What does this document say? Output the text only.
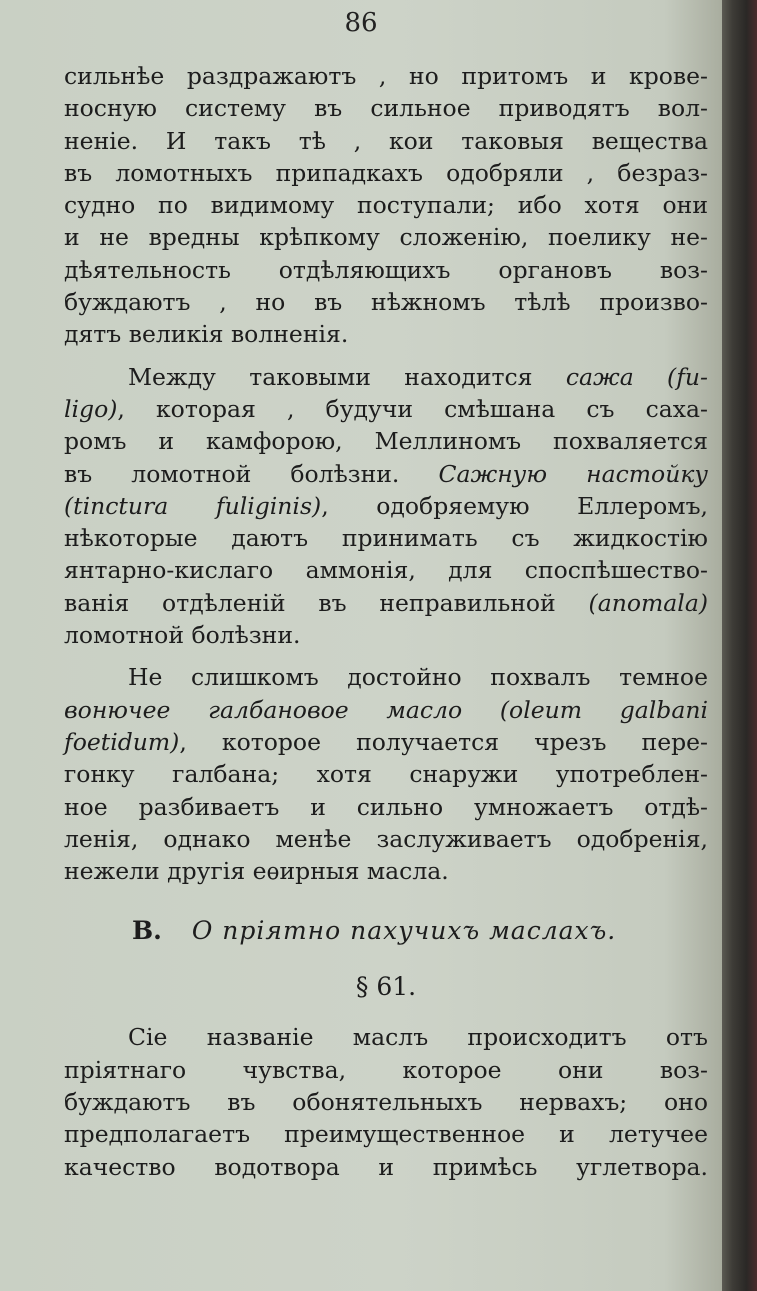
86
сильнѣе раздражаютъ , но притомъ и крове-
носную систему въ сильное приводятъ вол-
неніе. И такъ тѣ , кои таковыя вещества
въ ломотныхъ припадкахъ одобряли , безраз-
судно по видимому поступали; ибо хотя они
и не вредны крѣпкому сложенію, поелику не-
дѣятельность отдѣляющихъ органовъ воз-
буждаютъ , но въ нѣжномъ тѣлѣ произво-
дятъ великія волненія.
Между таковыми находится сажа (fu-
ligo), которая , будучи смѣшана съ саха-
ромъ и камфорою, Меллиномъ похваляется
въ ломотной болѣзни. Сажную настойку
(tinctura fuliginis), одобряемую Еллеромъ,
нѣкоторые даютъ принимать съ жидкостію
янтарно-кислаго аммонія, для споспѣшество-
ванія отдѣленій въ неправильной (anomala)
ломотной болѣзни.
Не слишкомъ достойно похвалъ темное
вонючее галбановое масло (oleum galbani
foetidum), которое получается чрезъ пере-
гонку галбана; хотя снаружи употреблен-
ное разбиваетъ и сильно умножаетъ отдѣ-
ленія, однако менѣе заслуживаетъ одобренія,
нежели другія еѳирныя масла.
B. О пріятно пахучихъ маслахъ.
§ 61.
Сіе названіе маслъ происходитъ отъ
пріятнаго чувства, которое они воз-
буждаютъ въ обонятельныхъ нервахъ; оно
предполагаетъ преимущественное и летучее
качество водотвора и примѣсь углетвора.
